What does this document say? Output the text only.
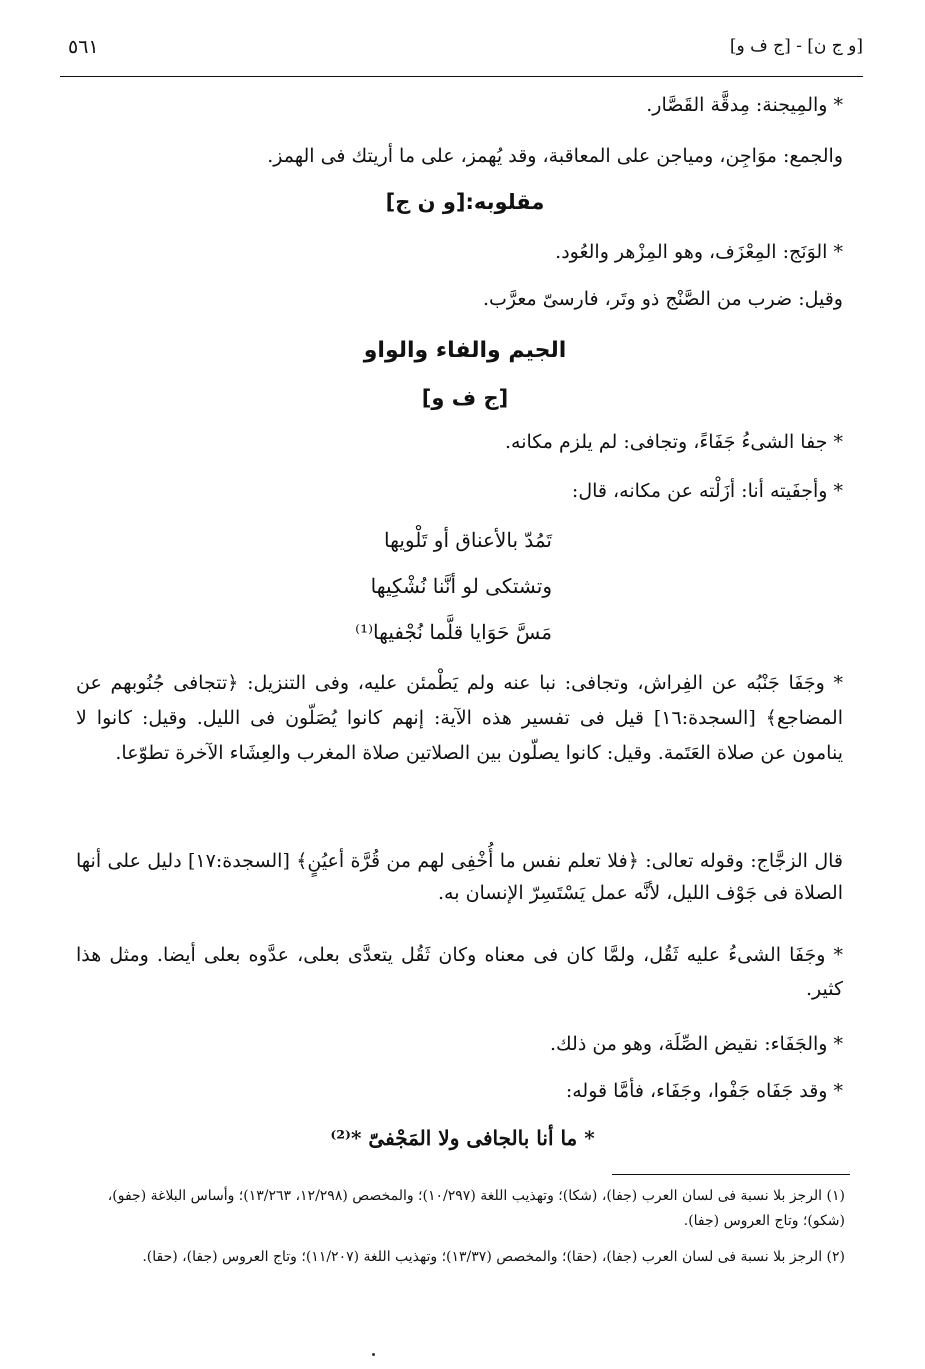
[و ج ن] - [ج ف و]
٥٦١
* والمِيجنة: مِدقَّة القَصَّار.
والجمع: موَاجِن، ومياجن على المعاقبة، وقد يُهمز، على ما أريتك فى الهمز.
مقلوبه:[و ن ج]
* الوَنَج: المِعْزَف، وهو المِزْهر والعُود.
وقيل: ضرب من الصَّنْج ذو وتَر، فارسىّ معرَّب.
الجيم والفاء والواو
[ج ف و]
* جفا الشىءُ جَفَاءً، وتجافى: لم يلزم مكانه.
* وأجفَيته أنا: أزَلْته عن مكانه، قال:
تَمُدّ بالأعناق أو تَلْويها
وتشتكى لو أنَّنا نُشْكِيها
مَسَّ حَوَايا قلَّما نُجْفيها⁽¹⁾
* وجَفَا جَنْبُه عن الفِراش، وتجافى: نبا عنه ولم يَطْمئن عليه، وفى التنزيل: ﴿تتجافى جُنُوبهم عن المضاجع﴾ [السجدة:١٦] قيل فى تفسير هذه الآية: إنهم كانوا يُصَلّون فى الليل. وقيل: كانوا لا ينامون عن صلاة العَتَمة. وقيل: كانوا يصلّون بين الصلاتين صلاة المغرب والعِشَاء الآخرة تطوّعا.
قال الزجَّاج: وقوله تعالى: ﴿فلا تعلم نفس ما أُخْفِى لهم من قُرَّة أعيُنٍ﴾ [السجدة:١٧] دليل على أنها الصلاة فى جَوْف الليل، لأنَّه عمل يَسْتَسِرّ الإنسان به.
* وجَفَا الشىءُ عليه ثَقُل، ولمَّا كان فى معناه وكان ثَقُل يتعدَّى بعلى، عدَّوه بعلى أيضا. ومثل هذا كثير.
* والجَفَاء: نقيض الصِّلَة، وهو من ذلك.
* وقد جَفَاه جَفْوا، وجَفَاء، فأمَّا قوله:
* ما أنا بالجافى ولا المَجْفىّ *⁽²⁾
(١) الرجز بلا نسبة فى لسان العرب (جفا)، (شكا)؛ وتهذيب اللغة (١٠/٢٩٧)؛ والمخصص (١٢/٢٩٨، ١٣/٢٦٣)؛ وأساس البلاغة (جفو)، (شكو)؛ وتاج العروس (جفا).
(٢) الرجز بلا نسبة فى لسان العرب (جفا)، (حقا)؛ والمخصص (١٣/٣٧)؛ وتهذيب اللغة (١١/٢٠٧)؛ وتاج العروس (جفا)، (حقا).
